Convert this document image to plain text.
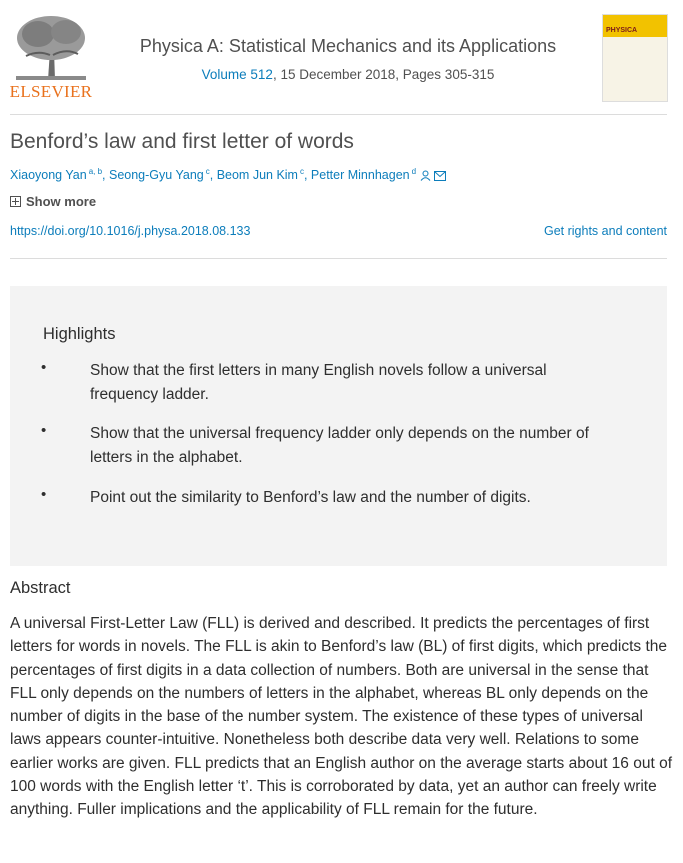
ELSEVIER
Physica A: Statistical Mechanics and its Applications
Volume 512, 15 December 2018, Pages 305-315
PHYSICA
Benford’s law and first letter of words
Xiaoyong Yan $^{a, b}$, Seong-Gyu Yang $^c$, Beom Jun Kim $^c$, Petter Minnhagen $^d$
Show more
https://doi.org/10.1016/j.physa.2018.08.133	Get rights and content
Highlights
•	Show that the first letters in many English novels follow a universal frequency ladder.
•	Show that the universal frequency ladder only depends on the number of letters in the alphabet.
•	Point out the similarity to Benford’s law and the number of digits.
Abstract

A universal First-Letter Law (FLL) is derived and described. It predicts the percentages of first letters for words in novels. The FLL is akin to Benford’s law (BL) of first digits, which predicts the percentages of first digits in a data collection of numbers. Both are universal in the sense that FLL only depends on the numbers of letters in the alphabet, whereas BL only depends on the number of digits in the base of the number system. The existence of these types of universal laws appears counter-intuitive. Nonetheless both describe data very well. Relations to some earlier works are given. FLL predicts that an English author on the average starts about 16 out of 100 words with the English letter ‘t’. This is corroborated by data, yet an author can freely write anything. Fuller implications and the applicability of FLL remain for the future.
